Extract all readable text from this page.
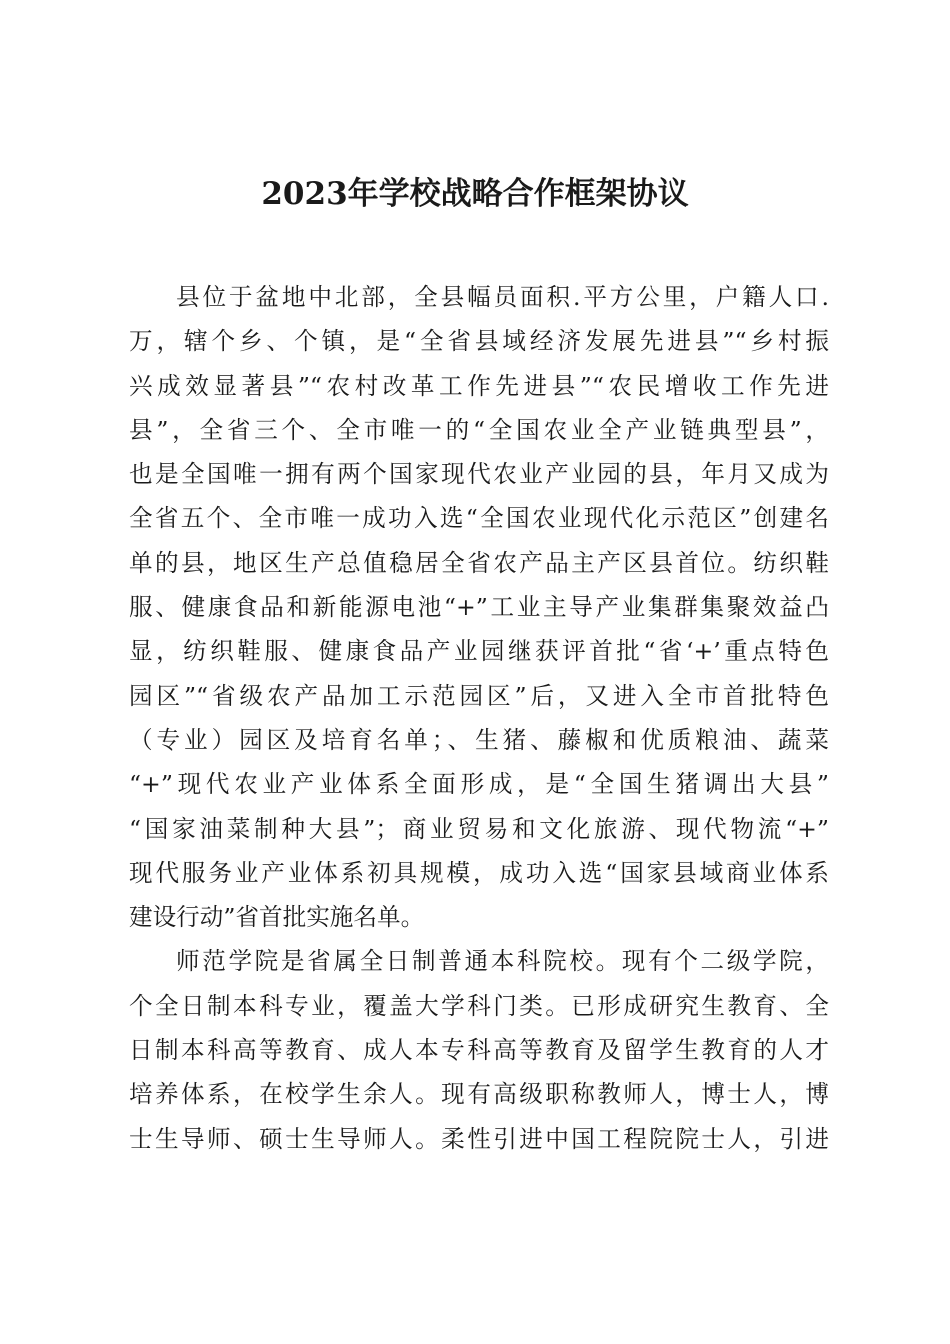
2023年学校战略合作框架协议

县位于盆地中北部，全县幅员面积.平方公里，户籍人口.

万，辖个乡、个镇，是“全省县域经济发展先进县”“乡村振

兴成效显著县”“农村改革工作先进县”“农民增收工作先进

县”，全省三个、全市唯一的“全国农业全产业链典型县”，

也是全国唯一拥有两个国家现代农业产业园的县，年月又成为

全省五个、全市唯一成功入选“全国农业现代化示范区”创建名

单的县，地区生产总值稳居全省农产品主产区县首位。纺织鞋

服、健康食品和新能源电池“+”工业主导产业集群集聚效益凸

显，纺织鞋服、健康食品产业园继获评首批“省‘+’重点特色

园区”“省级农产品加工示范园区”后，又进入全市首批特色

（专业）园区及培育名单；、生猪、藤椒和优质粮油、蔬菜

“+”现代农业产业体系全面形成，是“全国生猪调出大县”

“国家油菜制种大县”；商业贸易和文化旅游、现代物流“+”

现代服务业产业体系初具规模，成功入选“国家县域商业体系

建设行动”省首批实施名单。

师范学院是省属全日制普通本科院校。现有个二级学院，

个全日制本科专业，覆盖大学科门类。已形成研究生教育、全

日制本科高等教育、成人本专科高等教育及留学生教育的人才

培养体系，在校学生余人。现有高级职称教师人，博士人，博

士生导师、硕士生导师人。柔性引进中国工程院院士人，引进
